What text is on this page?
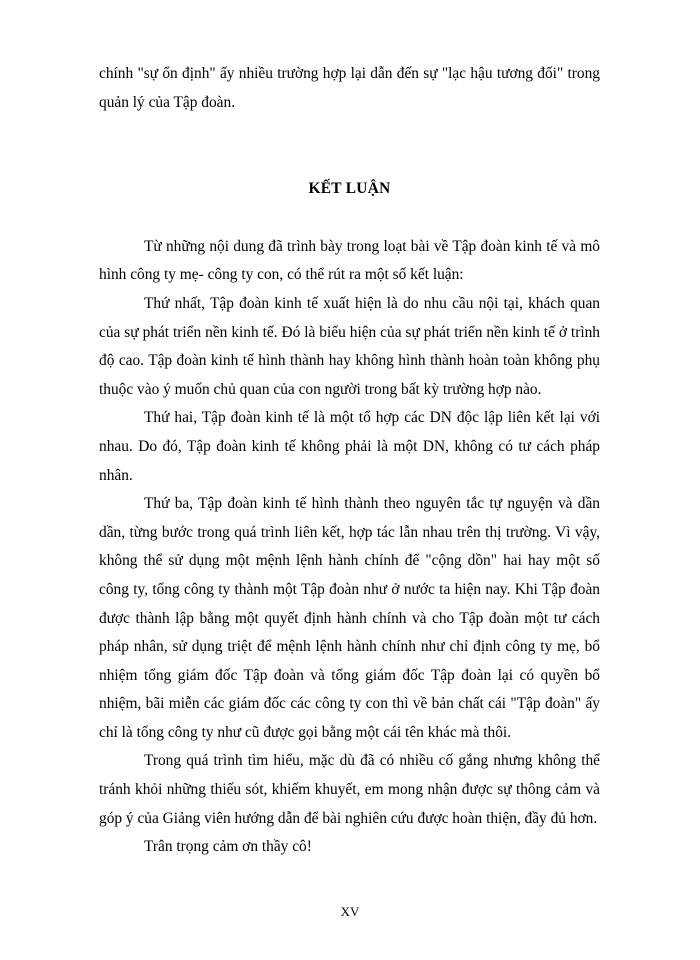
chính "sự ổn định" ấy nhiều trường hợp lại dẫn đến sự "lạc hậu tương đối" trong quản lý của Tập đoàn.

KẾT LUẬN

Từ những nội dung đã trình bày trong loạt bài về Tập đoàn kinh tế và mô hình công ty mẹ- công ty con, có thể rút ra một số kết luận:

Thứ nhất, Tập đoàn kinh tế xuất hiện là do nhu cầu nội tại, khách quan của sự phát triển nền kinh tế. Đó là biểu hiện của sự phát triển nền kinh tế ở trình độ cao. Tập đoàn kinh tế hình thành hay không hình thành hoàn toàn không phụ thuộc vào ý muốn chủ quan của con người trong bất kỳ trường hợp nào.

Thứ hai, Tập đoàn kinh tế là một tổ hợp các DN độc lập liên kết lại với nhau. Do đó, Tập đoàn kinh tế không phải là một DN, không có tư cách pháp nhân.

Thứ ba, Tập đoàn kinh tế hình thành theo nguyên tắc tự nguyện và dần dần, từng bước trong quá trình liên kết, hợp tác lẫn nhau trên thị trường. Vì vậy, không thể sử dụng một mệnh lệnh hành chính để "cộng dồn" hai hay một số công ty, tổng công ty thành một Tập đoàn như ở nước ta hiện nay. Khi Tập đoàn được thành lập bằng một quyết định hành chính và cho Tập đoàn một tư cách pháp nhân, sử dụng triệt để mệnh lệnh hành chính như chỉ định công ty mẹ, bổ nhiệm tổng giám đốc Tập đoàn và tổng giám đốc Tập đoàn lại có quyền bổ nhiệm, bãi miễn các giám đốc các công ty con thì về bản chất cái "Tập đoàn" ấy chỉ là tổng công ty như cũ được gọi bằng một cái tên khác mà thôi.

Trong quá trình tìm hiểu, mặc dù đã có nhiều cố gắng nhưng không thể tránh khỏi những thiếu sót, khiếm khuyết, em mong nhận được sự thông cảm và góp ý của Giảng viên hướng dẫn để bài nghiên cứu được hoàn thiện, đầy đủ hơn.

Trân trọng cảm ơn thầy cô!

XV
